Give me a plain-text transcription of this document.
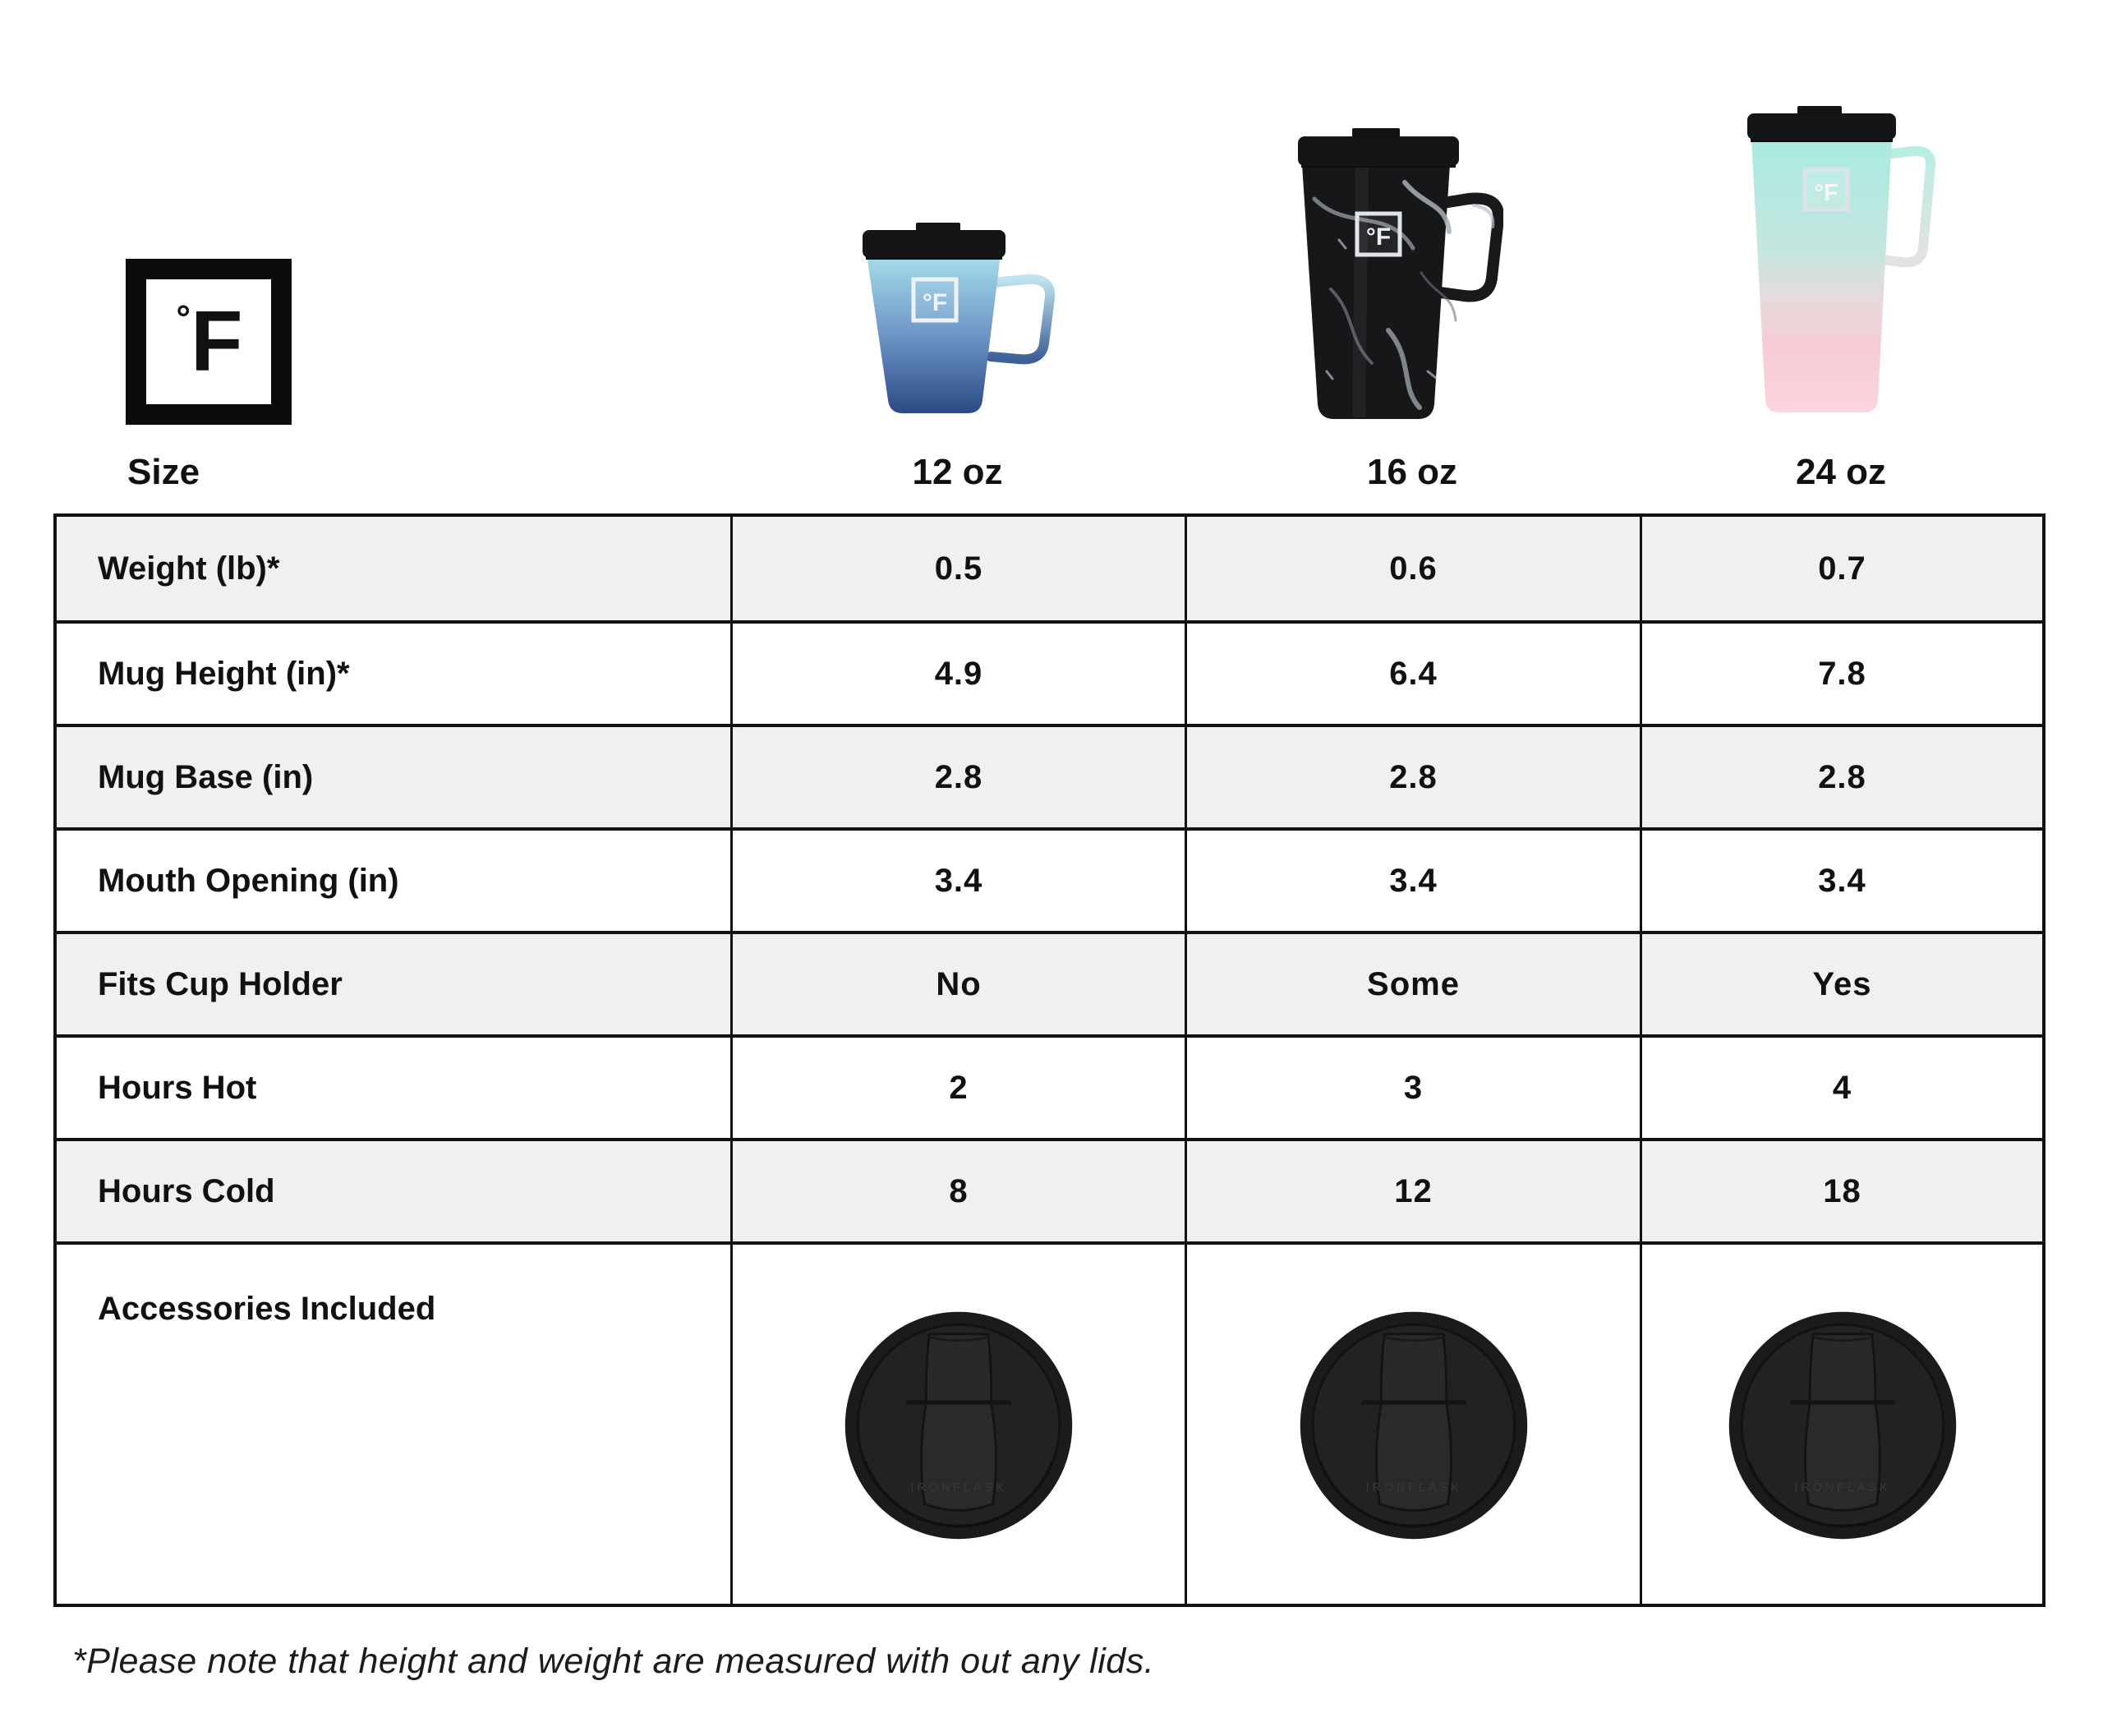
° F
Size	12 oz	16 oz	24 oz
°F
°F
°F
Weight (lb)*	0.5	0.6	0.7
Mug Height (in)*	4.9	6.4	7.8
Mug Base (in)	2.8	2.8	2.8
Mouth Opening (in)	3.4	3.4	3.4
Fits Cup Holder	No	Some	Yes
Hours Hot	2	3	4
Hours Cold	8	12	18
Accessories Included
IRONFLASK	IRONFLASK	IRONFLASK
*Please note that height and weight are measured with out any lids.
